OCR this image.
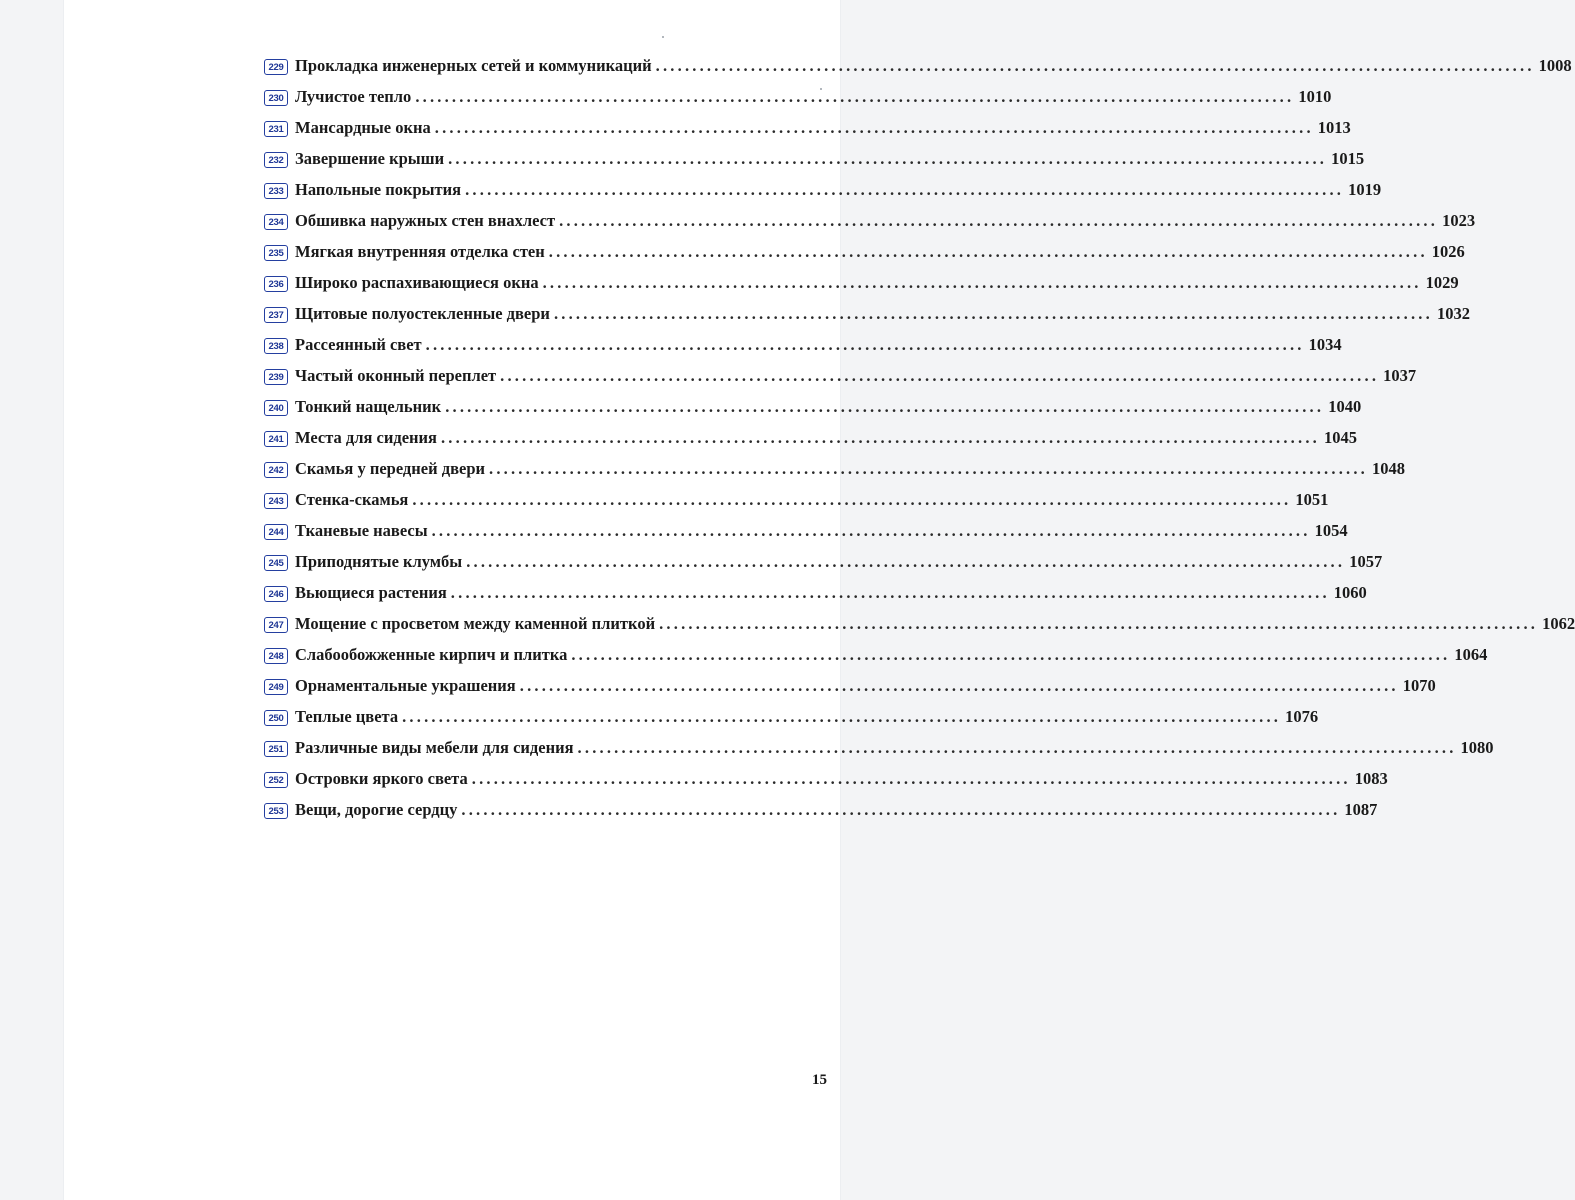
229 Прокладка инженерных сетей и коммуникаций ........................................................................................................................ 1008
230 Лучистое тепло ........................................................................................................................ 1010
231 Мансардные окна ........................................................................................................................ 1013
232 Завершение крыши ........................................................................................................................ 1015
233 Напольные покрытия ........................................................................................................................ 1019
234 Обшивка наружных стен внахлест ........................................................................................................................ 1023
235 Мягкая внутренняя отделка стен ........................................................................................................................ 1026
236 Широко распахивающиеся окна ........................................................................................................................ 1029
237 Щитовые полуостекленные двери ........................................................................................................................ 1032
238 Рассеянный свет ........................................................................................................................ 1034
239 Частый оконный переплет ........................................................................................................................ 1037
240 Тонкий нащельник ........................................................................................................................ 1040
241 Места для сидения ........................................................................................................................ 1045
242 Скамья у передней двери ........................................................................................................................ 1048
243 Стенка-скамья ........................................................................................................................ 1051
244 Тканевые навесы ........................................................................................................................ 1054
245 Приподнятые клумбы ........................................................................................................................ 1057
246 Вьющиеся растения ........................................................................................................................ 1060
247 Мощение с просветом между каменной плиткой ........................................................................................................................ 1062
248 Слабообожженные кирпич и плитка ........................................................................................................................ 1064
249 Орнаментальные украшения ........................................................................................................................ 1070
250 Теплые цвета ........................................................................................................................ 1076
251 Различные виды мебели для сидения ........................................................................................................................ 1080
252 Островки яркого света ........................................................................................................................ 1083
253 Вещи, дорогие сердцу ........................................................................................................................ 1087
15
